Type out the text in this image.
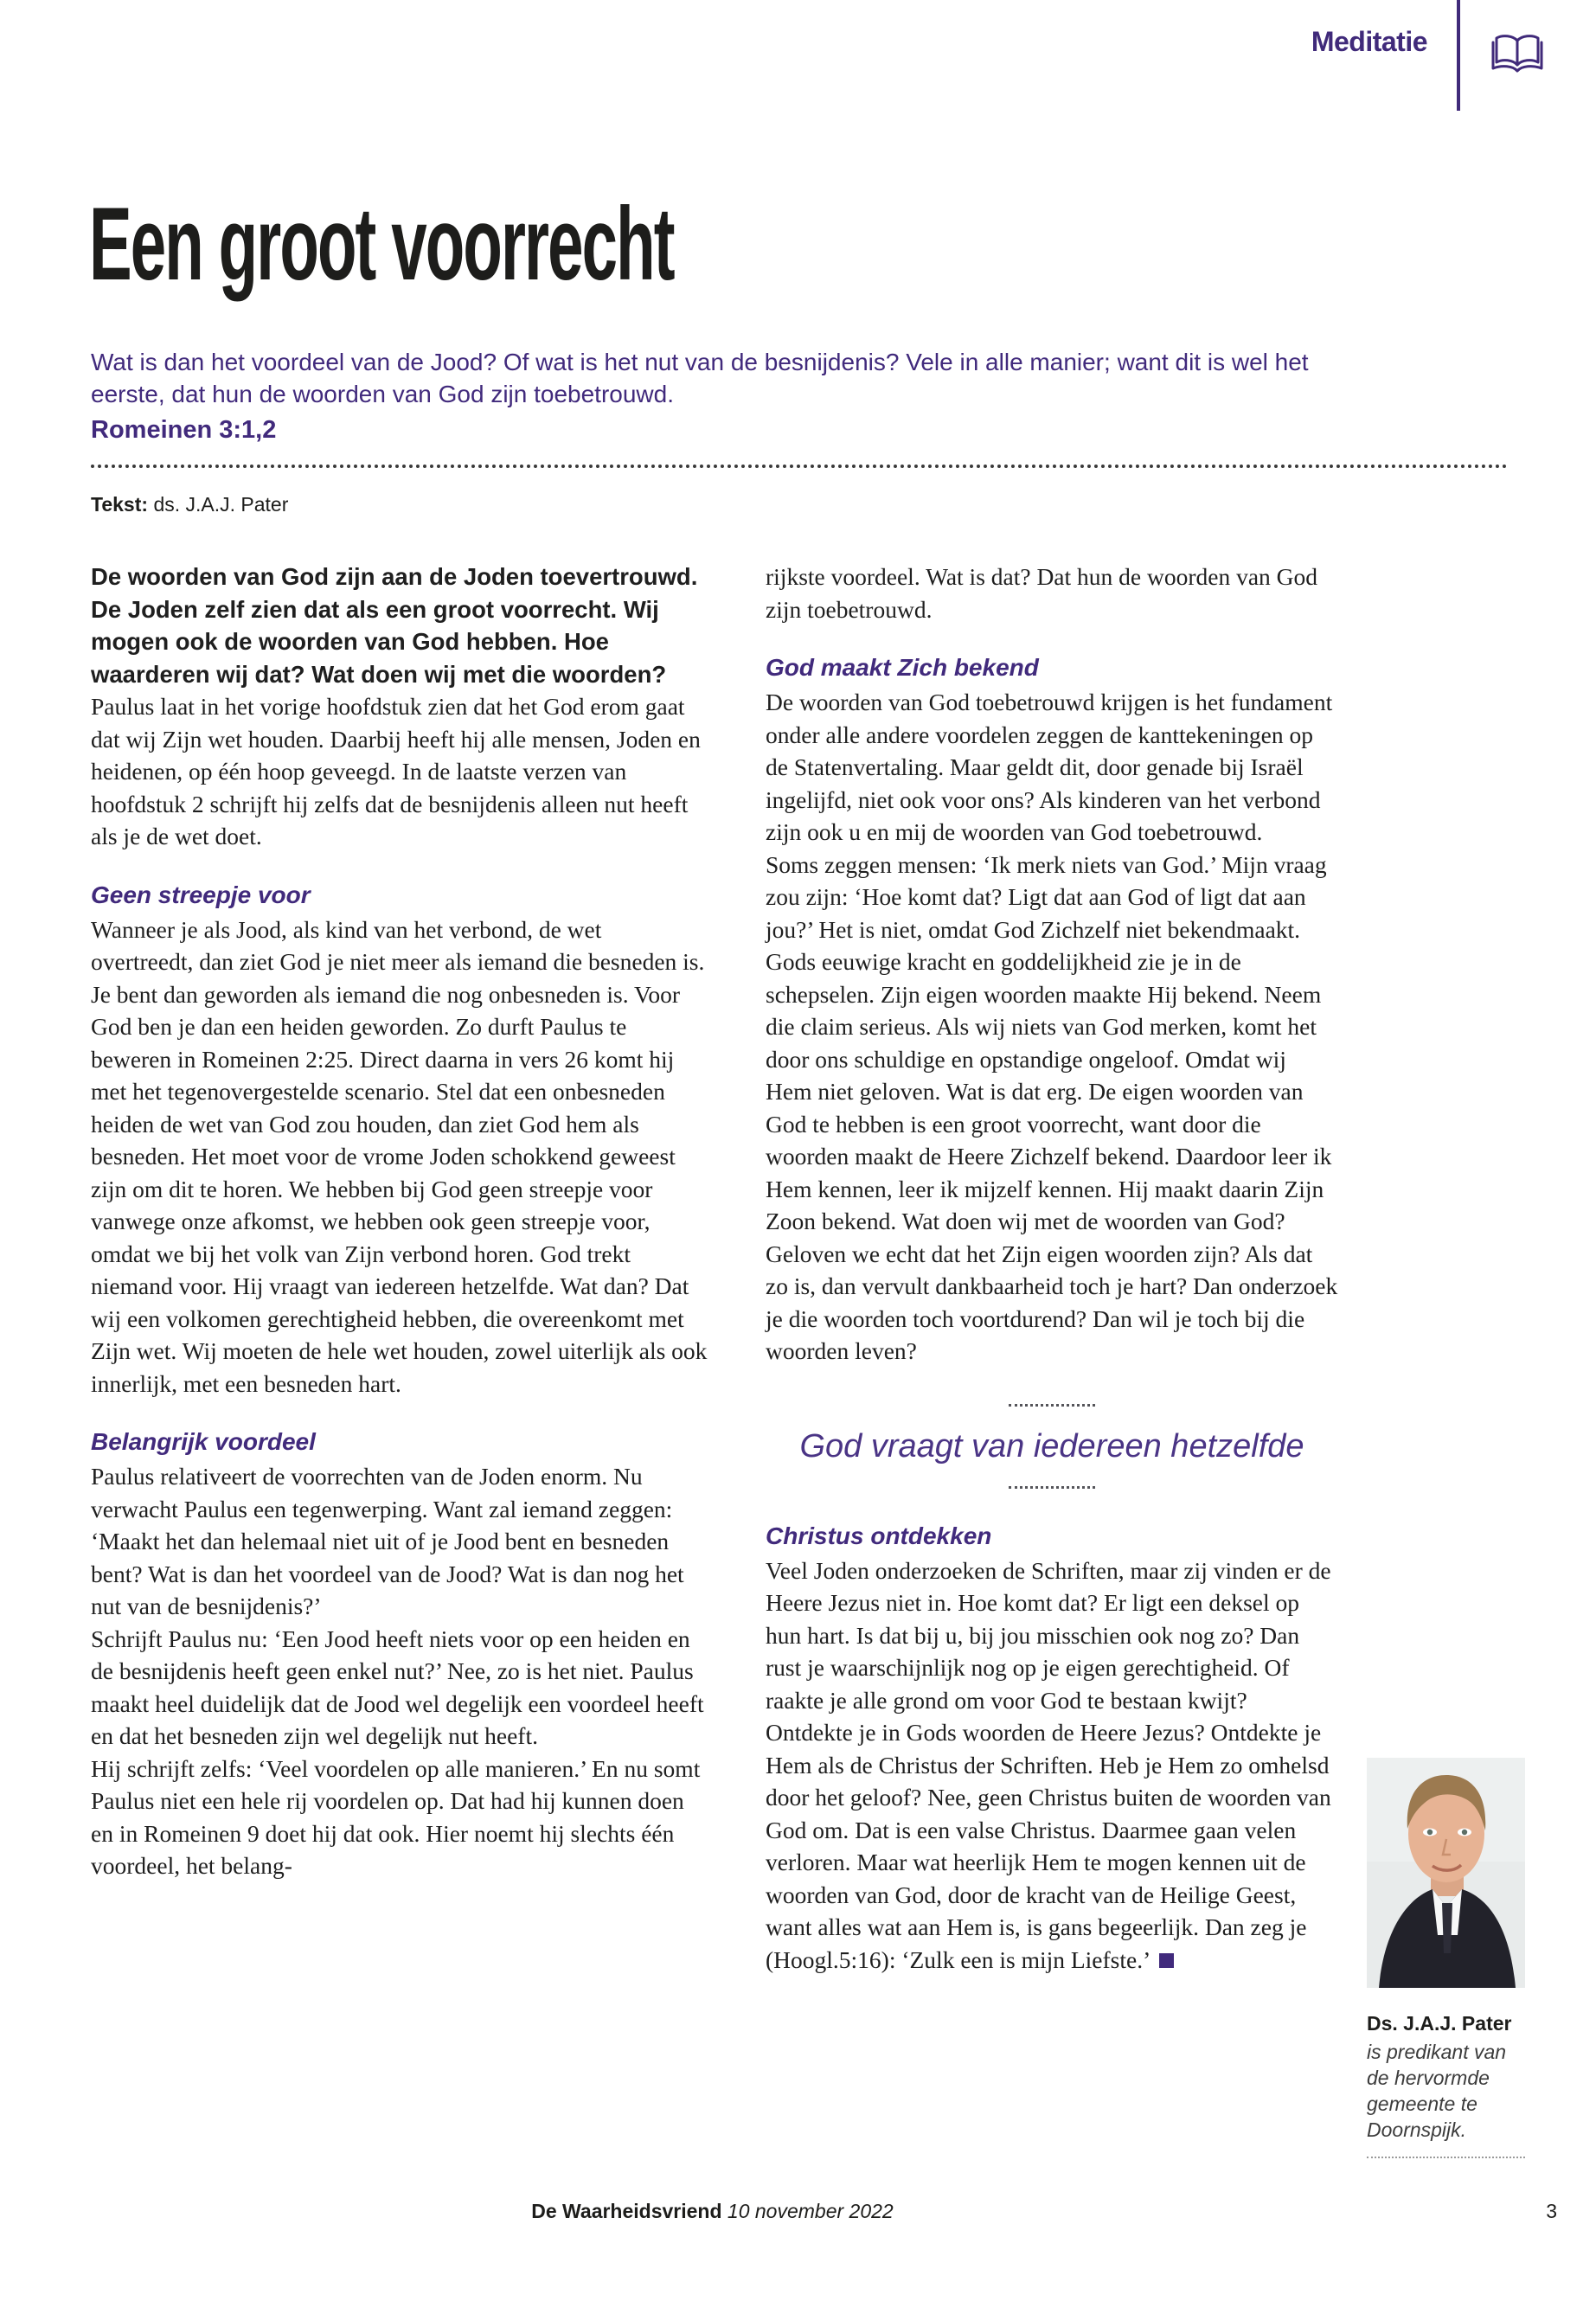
Meditatie
Een groot voorrecht
Wat is dan het voordeel van de Jood? Of wat is het nut van de besnijdenis? Vele in alle manier; want dit is wel het eerste, dat hun de woorden van God zijn toebetrouwd.
Romeinen 3:1,2
Tekst: ds. J.A.J. Pater

De woorden van God zijn aan de Joden toevertrouwd. De Joden zelf zien dat als een groot voorrecht. Wij mogen ook de woorden van God hebben. Hoe waarderen wij dat? Wat doen wij met die woorden?

Paulus laat in het vorige hoofdstuk zien dat het God erom gaat dat wij Zijn wet houden. Daarbij heeft hij alle mensen, Joden en heidenen, op één hoop geveegd. In de laatste verzen van hoofdstuk 2 schrijft hij zelfs dat de besnijdenis alleen nut heeft als je de wet doet.

Geen streepje voor

Wanneer je als Jood, als kind van het verbond, de wet overtreedt, dan ziet God je niet meer als iemand die besneden is. Je bent dan geworden als iemand die nog onbesneden is. Voor God ben je dan een heiden geworden. Zo durft Paulus te beweren in Romeinen 2:25. Direct daarna in vers 26 komt hij met het tegenovergestelde scenario. Stel dat een onbesneden heiden de wet van God zou houden, dan ziet God hem als besneden. Het moet voor de vrome Joden schokkend geweest zijn om dit te horen. We hebben bij God geen streepje voor vanwege onze afkomst, we hebben ook geen streepje voor, omdat we bij het volk van Zijn verbond horen. God trekt niemand voor. Hij vraagt van iedereen hetzelfde. Wat dan? Dat wij een volkomen gerechtigheid hebben, die overeenkomt met Zijn wet. Wij moeten de hele wet houden, zowel uiterlijk als ook innerlijk, met een besneden hart.

Belangrijk voordeel

Paulus relativeert de voorrechten van de Joden enorm. Nu verwacht Paulus een tegenwerping. Want zal iemand zeggen: ‘Maakt het dan helemaal niet uit of je Jood bent en besneden bent? Wat is dan het voordeel van de Jood? Wat is dan nog het nut van de besnijdenis?’

Schrijft Paulus nu: ‘Een Jood heeft niets voor op een heiden en de besnijdenis heeft geen enkel nut?’ Nee, zo is het niet. Paulus maakt heel duidelijk dat de Jood wel degelijk een voordeel heeft en dat het besneden zijn wel degelijk nut heeft.

Hij schrijft zelfs: ‘Veel voordelen op alle manieren.’ En nu somt Paulus niet een hele rij voordelen op. Dat had hij kunnen doen en in Romeinen 9 doet hij dat ook. Hier noemt hij slechts één voordeel, het belang-

rijkste voordeel. Wat is dat? Dat hun de woorden van God zijn toebetrouwd.

God maakt Zich bekend

De woorden van God toebetrouwd krijgen is het fundament onder alle andere voordelen zeggen de kanttekeningen op de Statenvertaling. Maar geldt dit, door genade bij Israël ingelijfd, niet ook voor ons? Als kinderen van het verbond zijn ook u en mij de woorden van God toebetrouwd.

Soms zeggen mensen: ‘Ik merk niets van God.’ Mijn vraag zou zijn: ‘Hoe komt dat? Ligt dat aan God of ligt dat aan jou?’ Het is niet, omdat God Zichzelf niet bekendmaakt. Gods eeuwige kracht en goddelijkheid zie je in de schepselen. Zijn eigen woorden maakte Hij bekend. Neem die claim serieus. Als wij niets van God merken, komt het door ons schuldige en opstandige ongeloof. Omdat wij Hem niet geloven. Wat is dat erg. De eigen woorden van God te hebben is een groot voorrecht, want door die woorden maakt de Heere Zichzelf bekend. Daardoor leer ik Hem kennen, leer ik mijzelf kennen. Hij maakt daarin Zijn Zoon bekend. Wat doen wij met de woorden van God? Geloven we echt dat het Zijn eigen woorden zijn? Als dat zo is, dan vervult dankbaarheid toch je hart? Dan onderzoek je die woorden toch voortdurend? Dan wil je toch bij die woorden leven?

God vraagt van iedereen hetzelfde
Christus ontdekken

Veel Joden onderzoeken de Schriften, maar zij vinden er de Heere Jezus niet in. Hoe komt dat? Er ligt een deksel op hun hart. Is dat bij u, bij jou misschien ook nog zo? Dan rust je waarschijnlijk nog op je eigen gerechtigheid. Of raakte je alle grond om voor God te bestaan kwijt? Ontdekte je in Gods woorden de Heere Jezus? Ontdekte je Hem als de Christus der Schriften. Heb je Hem zo omhelsd door het geloof? Nee, geen Christus buiten de woorden van God om. Dat is een valse Christus. Daarmee gaan velen verloren. Maar wat heerlijk Hem te mogen kennen uit de woorden van God, door de kracht van de Heilige Geest, want alles wat aan Hem is, is gans begeerlijk. Dan zeg je (Hoogl.5:16): ‘Zulk een is mijn Liefste.’

Ds. J.A.J. Pater
is predikant van de hervormde gemeente te Doornspijk.
De Waarheidsvriend 10 november 2022	3
